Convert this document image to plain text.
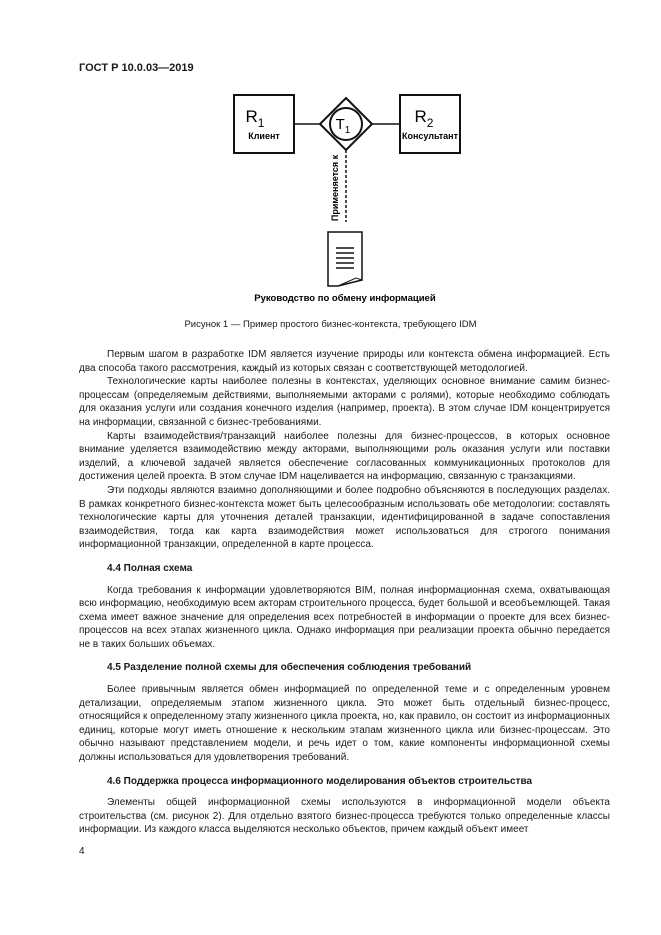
ГОСТ Р 10.0.03—2019
$R_1$
Клиент
$T_1$
$R_2$
Консультант
Применяется к
Руководство по обмену информацией
Рисунок 1 — Пример простого бизнес-контекста, требующего IDM

Первым шагом в разработке IDM является изучение природы или контекста обмена информацией. Есть два способа такого рассмотрения, каждый из которых связан с соответствующей методологией.

Технологические карты наиболее полезны в контекстах, уделяющих основное внимание самим бизнес-процессам (определяемым действиями, выполняемыми акторами с ролями), которые необходимо соблюдать для оказания услуги или создания конечного изделия (например, проекта). В этом случае IDM концентрируется на информации, связанной с бизнес-требованиями.

Карты взаимодействия/транзакций наиболее полезны для бизнес-процессов, в которых основное внимание уделяется взаимодействию между акторами, выполняющими роль оказания услуги или поставки изделий, а ключевой задачей является обеспечение согласованных коммуникационных протоколов для достижения целей проекта. В этом случае IDM нацеливается на информацию, связанную с транзакциями.

Эти подходы являются взаимно дополняющими и более подробно объясняются в последующих разделах. В рамках конкретного бизнес-контекста может быть целесообразным использовать обе методологии: составлять технологические карты для уточнения деталей транзакции, идентифицированной в задаче сопоставления взаимодействия, тогда как карта взаимодействия может использоваться для строгого понимания информационной транзакции, определенной в карте процесса.

4.4 Полная схема

Когда требования к информации удовлетворяются BIM, полная информационная схема, охватывающая всю информацию, необходимую всем акторам строительного процесса, будет большой и всеобъемлющей. Такая схема имеет важное значение для определения всех потребностей в информации о проекте для всех бизнес-процессов на всех этапах жизненного цикла. Однако информация при реализации проекта обычно передается не в таких больших объемах.

4.5 Разделение полной схемы для обеспечения соблюдения требований

Более привычным является обмен информацией по определенной теме и с определенным уровнем детализации, определяемым этапом жизненного цикла. Это может быть отдельный бизнес-процесс, относящийся к определенному этапу жизненного цикла проекта, но, как правило, он состоит из информационных единиц, которые могут иметь отношение к нескольким этапам жизненного цикла или бизнес-процессам. Это обычно называют представлением модели, и речь идет о том, какие компоненты информационной схемы должны использоваться для удовлетворения требований.

4.6 Поддержка процесса информационного моделирования объектов строительства

Элементы общей информационной схемы используются в информационной модели объекта строительства (см. рисунок 2). Для отдельно взятого бизнес-процесса требуются только определенные классы информации. Из каждого класса выделяются несколько объектов, причем каждый объект имеет

4
